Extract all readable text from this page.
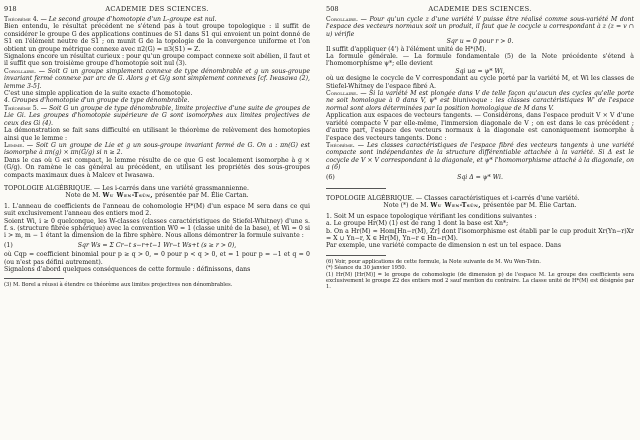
918	ACADÉMIE DES SCIENCES.

Théorème 4. — Le second groupe d'homotopie d'un L-groupe est nul.

Bien entendu, le résultat précédent ne s'étend pas à tout groupe topologique : il suffit de considérer le groupe G des applications continues de S1 dans S1 qui envoient un point donné de S1 en l'élément neutre de S1 ; on munit G de la topologie de la convergence uniforme et l'on obtient un groupe métrique connexe avec π2(G) = π3(S1) = Z.

Signalons encore un résultat curieux : pour qu'un groupe compact connexe soit abélien, il faut et il suffit que son troisième groupe d'homotopie soit nul (3).

Corollaire. — Soit G un groupe simplement connexe de type dénombrable et g un sous-groupe invariant fermé connexe par arc de G. Alors g et G/g sont simplement connexes [cf. Iwasawa (2), lemme 3-5].

C'est une simple application de la suite exacte d'homotopie.

4. Groupes d'homotopie d'un groupe de type dénombrable.

Théorème 5. — Soit G un groupe de type dénombrable, limite projective d'une suite de groupes de Lie Gi. Les groupes d'homotopie supérieure de G sont isomorphes aux limites projectives de ceux des Gi (4).

La démonstration se fait sans difficulté en utilisant le théorème de relèvement des homotopies ainsi que le lemme :

Lemme. — Soit G un groupe de Lie et g un sous-groupe invariant fermé de G. On a : πn(G) est isomorphe à πn(g) × πn(G/g) si n ≥ 2.

Dans le cas où G est compact, le lemme résulte de ce que G est localement isomorphe à g × (G/g). On ramène le cas général au précédent, en utilisant les propriétés des sous-groupes compacts maximaux dues à Malcev et Iwasawa.

TOPOLOGIE ALGÉBRIQUE. — Les i-carrés dans une variété grassmannienne.

Note de M. Wu Wen-Tsün, présentée par M. Élie Cartan.

1. L'anneau de coefficients de l'anneau de cohomologie H*(M) d'un espace M sera dans ce qui suit exclusivement l'anneau des entiers mod 2.

Soient Wi, i ≥ 0 quelconque, les W-classes (classes caractéristiques de Stiefel-Whitney) d'une s. f. s. (structure fibrée sphérique) avec la convention W0 = 1 (classe unité de la base), et Wi = 0 si i > m, m − 1 étant la dimension de la fibre sphère. Nous allons démontrer la formule suivante :

(1)	Sqr Ws = Σ Cr−t s−r+t−1 Wr−t Ws+t (s ≥ r > 0),

où Cqp = coefficient binomial pour p ≥ q > 0, = 0 pour p < q > 0, et = 1 pour p = −1 et q = 0 (ou n'est pas défini autrement).

Signalons d'abord quelques conséquences de cette formule : définissons, dans

(3) M. Borel a réussi à étendre ce théorème aux limites projectives non dénombrables.

508	ACADÉMIE DES SCIENCES.

Corollaire. — Pour qu'un cycle z d'une variété V puisse être réalisé comme sous-variété M dont l'espace des vecteurs normaux soit un produit, il faut que le cocycle u correspondant à z (z = v ∩ u) vérifie

Sqr u = 0 pour r > 0.

Il suffit d'appliquer (4') à l'élément unité de H*(M).

La formule générale. — La formule fondamentale (5) de la Note précédente s'étend à l'homomorphisme ψ*; elle devient

Sqi uα = ψ* Wi,

où uα designe le cocycle de V correspondant au cycle porté par la variété M, et Wi les classes de Stiefel-Whitney de l'espace fibré A.

Corollaire. — Si la variété M est plongée dans V de telle façon qu'aucun des cycles qu'elle porte ne soit homologue à 0 dans V, ψ* est biunivoque : les classes caractéristiques W' de l'espace normal sont alors déterminées par la position homologique de M dans V.

Application aux espaces de vecteurs tangents. — Considérons, dans l'espace produit V × V d'une variété compacte V par elle-même, l'immersion diagonale de V ; on est dans le cas précédent ; d'autre part, l'espace des vecteurs normaux à la diagonale est canoniquement isomorphe à l'espace des vecteurs tangents. Donc :

Théorème. — Les classes caractéristiques de l'espace fibré des vecteurs tangents à une variété compacte sont indépendantes de la structure différentiable attachée à la variété. Si Δ est le cocycle de V × V correspondant à la diagonale, et ψ* l'homomorphisme attaché à la diagonale, on a (6)

(6)	Sqi Δ = ψ* Wi.

TOPOLOGIE ALGÉBRIQUE. — Classes caractéristiques et i-carrés d'une variété.

Note (*) de M. Wu Wen-Tsün, présentée par M. Élie Cartan.

1. Soit M un espace topologique vérifiant les conditions suivantes :

a. Le groupe Hr(M) (1) est de rang 1 dont la base est Xn*;

b. On a Hr(M) ≈ Hom[Hn−r(M), Zr] dont l'isomorphisme est établi par le cup produit Xr(Yn−r)Xr = X ∪ Yn−r, X ∈ Hr(M), Yn−r ∈ Hn−r(M).

Par exemple, une variété compacte de dimension n est un tel espace. Dans

(6) Voir, pour applications de cette formule, la Note suivante de M. Wu Wen-Tsün.

(*) Séance du 30 janvier 1950.

(1) Hr(M) [Hr(M)] = le groupe de cohomologie (de dimension p) de l'espace M. Le groupe des coefficients sera exclusivement le groupe Z2 des entiers mod 2 sauf mention du contraire. La classe unité de H*(M) est désignée par 1.
